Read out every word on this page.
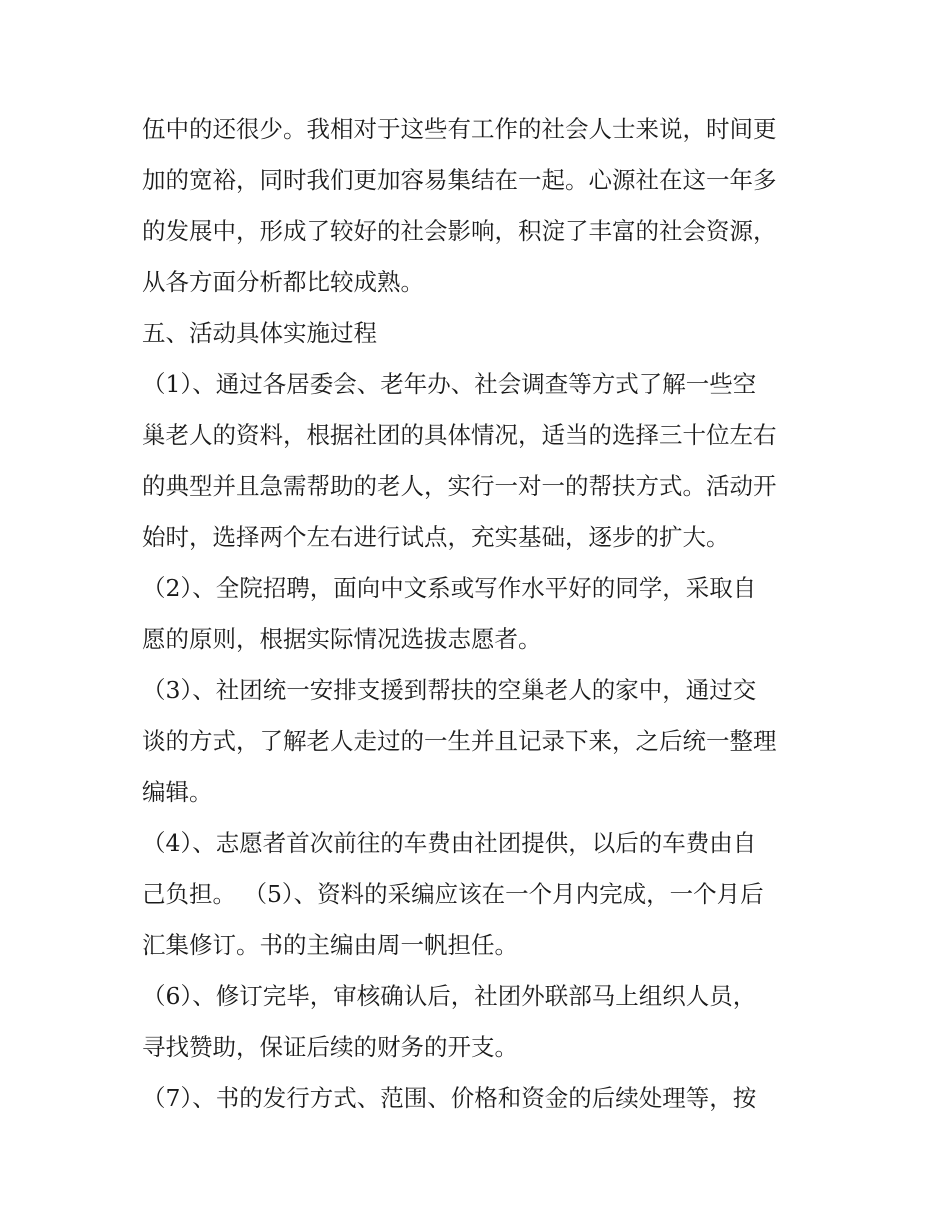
伍中的还很少。我相对于这些有工作的社会人士来说，时间更
加的宽裕，同时我们更加容易集结在一起。心源社在这一年多
的发展中，形成了较好的社会影响，积淀了丰富的社会资源，
从各方面分析都比较成熟。
五、活动具体实施过程
（1）、通过各居委会、老年办、社会调查等方式了解一些空
巢老人的资料，根据社团的具体情况，适当的选择三十位左右
的典型并且急需帮助的老人，实行一对一的帮扶方式。活动开
始时，选择两个左右进行试点，充实基础，逐步的扩大。
（2）、全院招聘，面向中文系或写作水平好的同学，采取自
愿的原则，根据实际情况选拔志愿者。
（3）、社团统一安排支援到帮扶的空巢老人的家中，通过交
谈的方式，了解老人走过的一生并且记录下来，之后统一整理
编辑。
（4）、志愿者首次前往的车费由社团提供，以后的车费由自
己负担。 （5）、资料的采编应该在一个月内完成，一个月后
汇集修订。书的主编由周一帆担任。
（6）、修订完毕，审核确认后，社团外联部马上组织人员，
寻找赞助，保证后续的财务的开支。
（7）、书的发行方式、范围、价格和资金的后续处理等，按
